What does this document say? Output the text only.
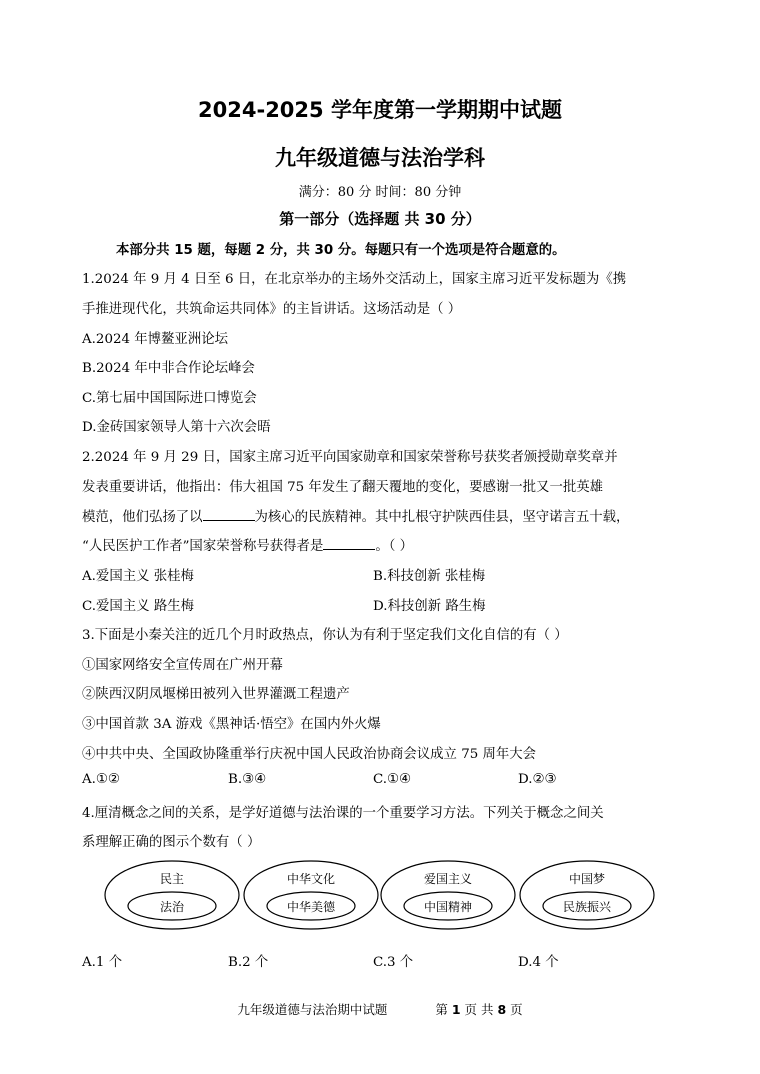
2024-2025 学年度第一学期期中试题
九年级道德与法治学科
满分：80 分 时间：80 分钟
第一部分（选择题 共 30 分）
本部分共 15 题，每题 2 分，共 30 分。每题只有一个选项是符合题意的。
1.2024 年 9 月 4 日至 6 日，在北京举办的主场外交活动上，国家主席习近平发标题为《携
手推进现代化，共筑命运共同体》的主旨讲话。这场活动是（ ）
A.2024 年博鳌亚洲论坛
B.2024 年中非合作论坛峰会
C.第七届中国国际进口博览会
D.金砖国家领导人第十六次会晤
2.2024 年 9 月 29 日，国家主席习近平向国家勋章和国家荣誉称号获奖者颁授勋章奖章并
发表重要讲话，他指出：伟大祖国 75 年发生了翻天覆地的变化，要感谢一批又一批英雄
模范，他们弘扬了以	为核心的民族精神。其中扎根守护陕西佳县，坚守诺言五十载，
“人民医护工作者”国家荣誉称号获得者是	。（ ）
A.爱国主义 张桂梅	B.科技创新 张桂梅
C.爱国主义 路生梅	D.科技创新 路生梅
3.下面是小秦关注的近几个月时政热点，你认为有利于坚定我们文化自信的有（ ）
①国家网络安全宣传周在广州开幕
②陕西汉阴凤堰梯田被列入世界灌溉工程遗产
③中国首款 3A 游戏《黑神话·悟空》在国内外火爆
④中共中央、全国政协隆重举行庆祝中国人民政治协商会议成立 75 周年大会
A.①②	B.③④	C.①④	D.②③
4.厘清概念之间的关系，是学好道德与法治课的一个重要学习方法。下列关于概念之间关
系理解正确的图示个数有（ ）
民主
法治
中华文化
中华美德
爱国主义
中国精神
中国梦
民族振兴
A.1 个	B.2 个	C.3 个	D.4 个
九年级道德与法治期中试题	第 1 页 共 8 页
